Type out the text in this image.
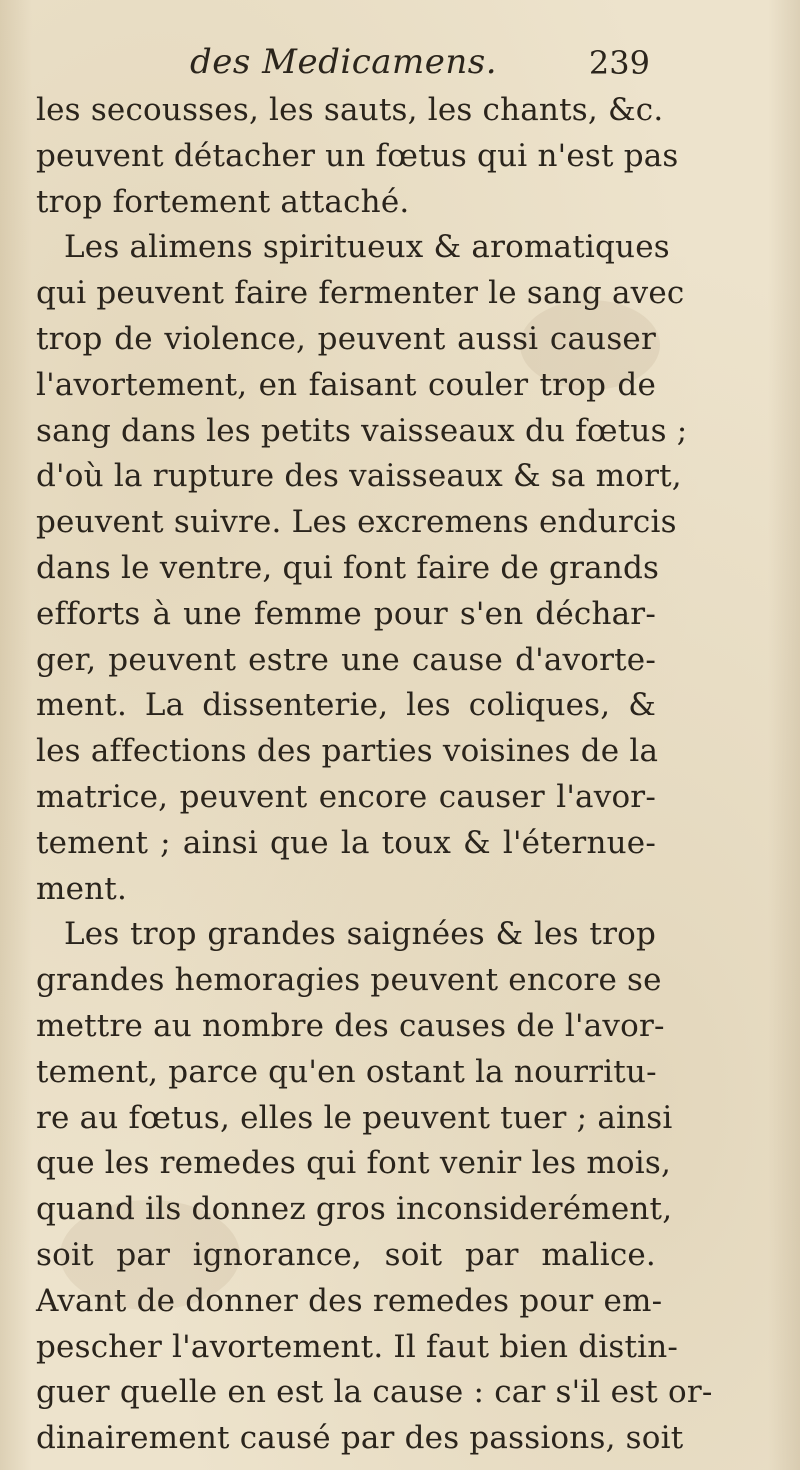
des Medicamens.	239
les secousses, les sauts, les chants, &c.
peuvent détacher un fœtus qui n'est pas
trop fortement attaché.
Les alimens spiritueux & aromatiques
qui peuvent faire fermenter le sang avec
trop de violence, peuvent aussi causer
l'avortement, en faisant couler trop de
sang dans les petits vaisseaux du fœtus ;
d'où la rupture des vaisseaux & sa mort,
peuvent suivre. Les excremens endurcis
dans le ventre, qui font faire de grands
efforts à une femme pour s'en déchar-
ger, peuvent estre une cause d'avorte-
ment. La dissenterie, les coliques, &
les affections des parties voisines de la
matrice, peuvent encore causer l'avor-
tement ; ainsi que la toux & l'éternue-
ment.
Les trop grandes saignées & les trop
grandes hemoragies peuvent encore se
mettre au nombre des causes de l'avor-
tement, parce qu'en ostant la nourritu-
re au fœtus, elles le peuvent tuer ; ainsi
que les remedes qui font venir les mois,
quand ils donnez gros inconsiderément,
soit par ignorance, soit par malice.
Avant de donner des remedes pour em-
pescher l'avortement. Il faut bien distin-
guer quelle en est la cause : car s'il est or-
dinairement causé par des passions, soit
